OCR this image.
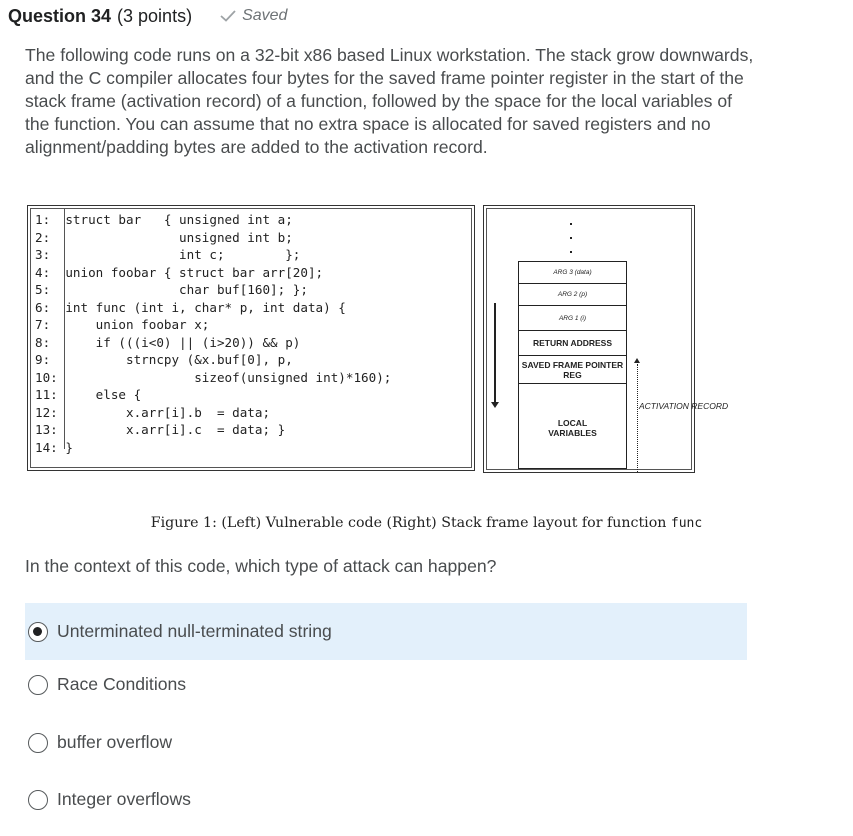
Question 34 (3 points)	Saved
The following code runs on a 32-bit x86 based Linux workstation. The stack grow downwards, and the C compiler allocates four bytes for the saved frame pointer register in the start of the stack frame (activation record) of a function, followed by the space for the local variables of the function. You can assume that no extra space is allocated for saved registers and no alignment/padding bytes are added to the activation record.
1:  struct bar   { unsigned int a;
2:                 unsigned int b;
3:                 int c;        };
4:  union foobar { struct bar arr[20];
5:                 char buf[160]; };
6:  int func (int i, char* p, int data) {
7:      union foobar x;
8:      if (((i<0) || (i>20)) && p)
9:          strncpy (&x.buf[0], p,
10:                  sizeof(unsigned int)*160);
11:     else {
12:         x.arr[i].b  = data;
13:         x.arr[i].c  = data; }
14: }
ARG 3 (data)
ARG 2 (p)
ARG 1 (i)
RETURN ADDRESS
SAVED FRAME POINTER REG
LOCAL VARIABLES
ACTIVATION RECORD
Figure 1: (Left) Vulnerable code (Right) Stack frame layout for function func
In the context of this code, which type of attack can happen?
Unterminated null-terminated string
Race Conditions
buffer overflow
Integer overflows
